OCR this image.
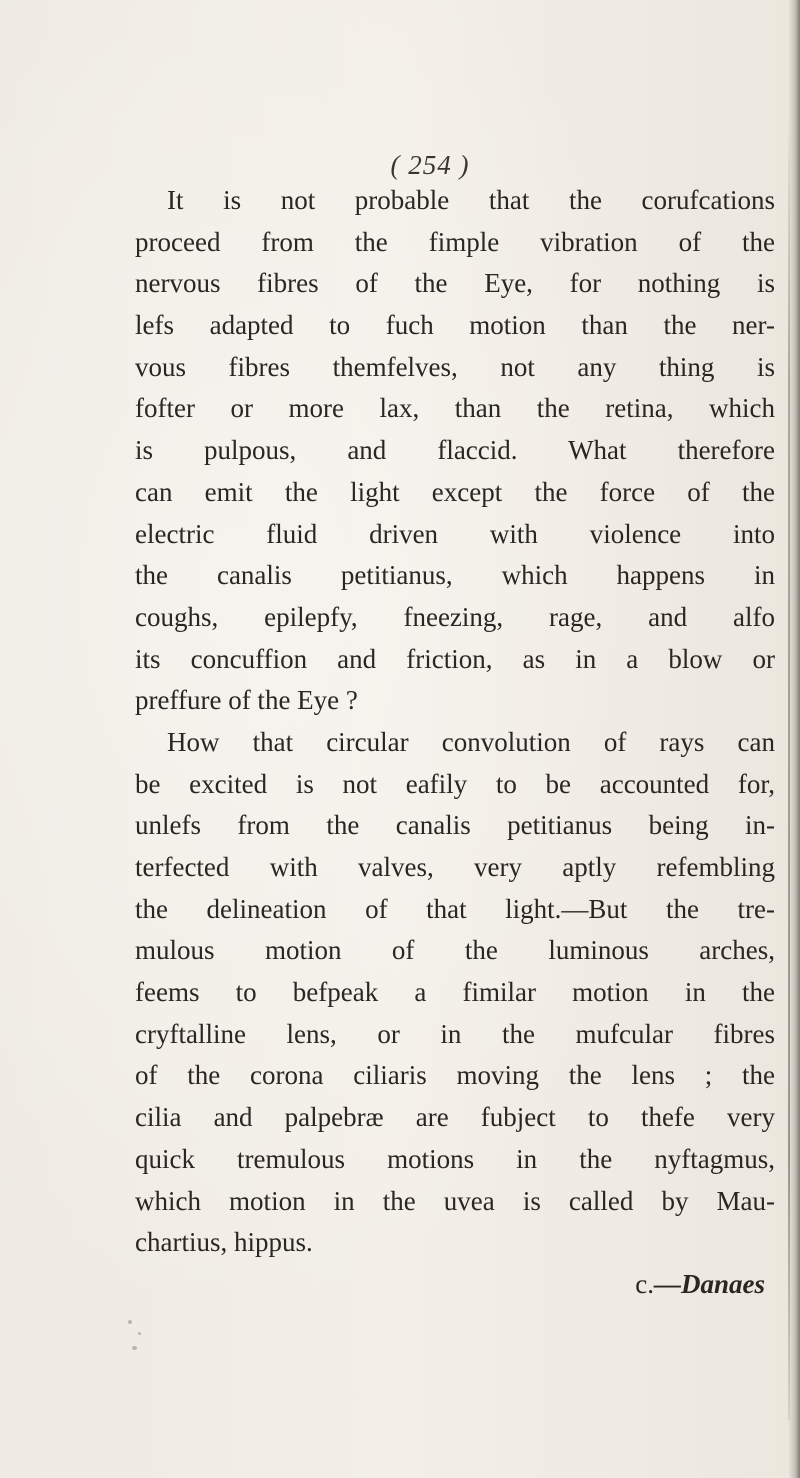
( 254 )
It is not probable that the corufcations
proceed from the fimple vibration of the
nervous fibres of the Eye, for nothing is
lefs adapted to fuch motion than the ner-
vous fibres themfelves, not any thing is
fofter or more lax, than the retina, which
is pulpous, and flaccid. What therefore
can emit the light except the force of the
electric fluid driven with violence into
the canalis petitianus, which happens in
coughs, epilepfy, fneezing, rage, and alfo
its concuffion and friction, as in a blow or
preffure of the Eye ?
How that circular convolution of rays can
be excited is not eafily to be accounted for,
unlefs from the canalis petitianus being in-
terfected with valves, very aptly refembling
the delineation of that light.—But the tre-
mulous motion of the luminous arches,
feems to befpeak a fimilar motion in the
cryftalline lens, or in the mufcular fibres
of the corona ciliaris moving the lens ; the
cilia and palpebræ are fubject to thefe very
quick tremulous motions in the nyftagmus,
which motion in the uvea is called by Mau-
chartius, hippus.
c.—Danaes
